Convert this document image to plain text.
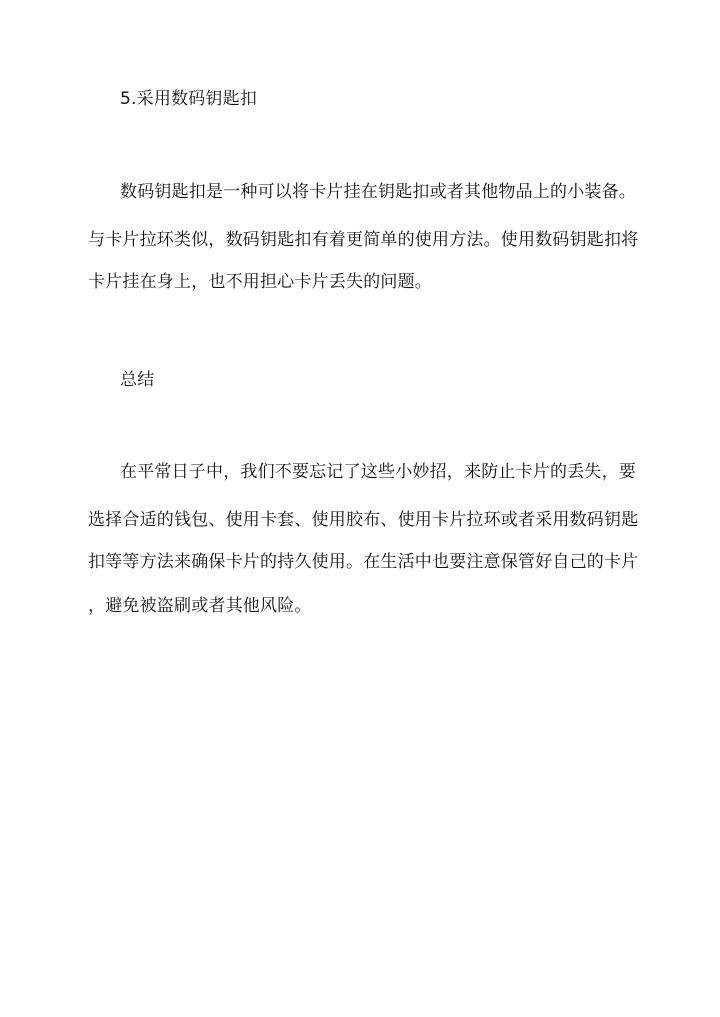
5.采用数码钥匙扣
数码钥匙扣是一种可以将卡片挂在钥匙扣或者其他物品上的小装备。
与卡片拉环类似，数码钥匙扣有着更简单的使用方法。使用数码钥匙扣将
卡片挂在身上，也不用担心卡片丢失的问题。
总结
在平常日子中，我们不要忘记了这些小妙招，来防止卡片的丢失，要
选择合适的钱包、使用卡套、使用胶布、使用卡片拉环或者采用数码钥匙
扣等等方法来确保卡片的持久使用。在生活中也要注意保管好自己的卡片
，避免被盗刷或者其他风险。
